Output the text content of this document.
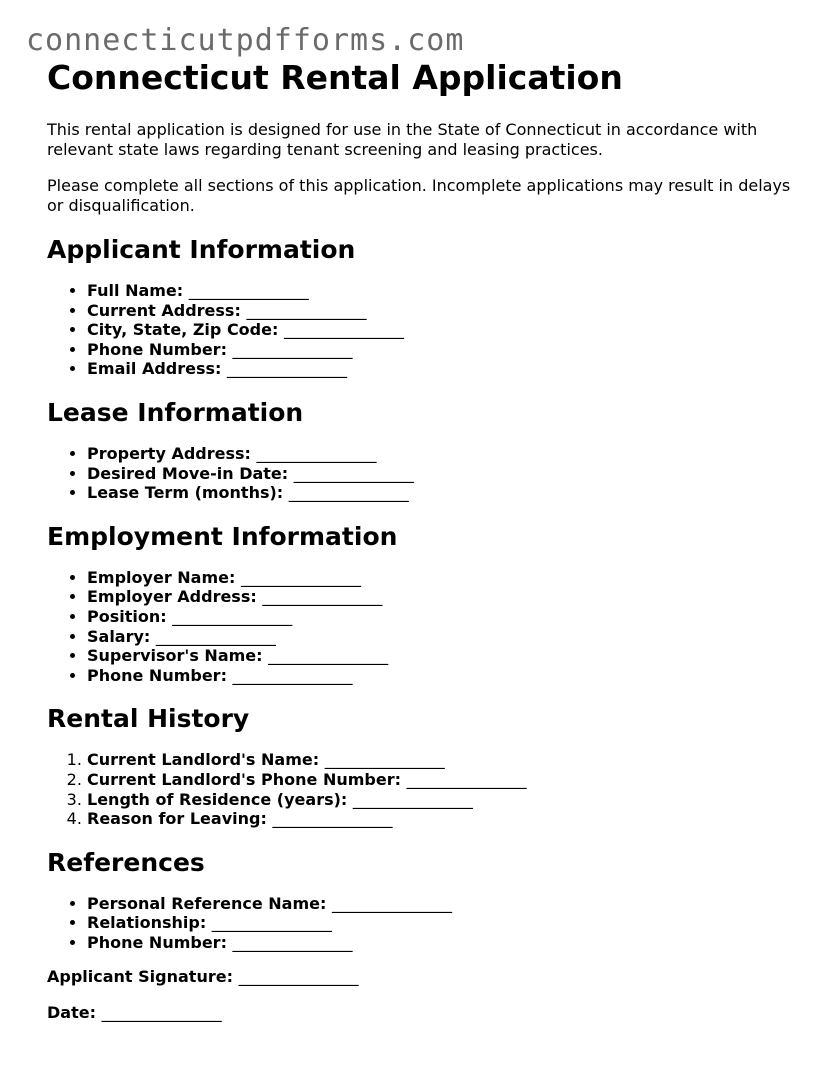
connecticutpdfforms.com
Connecticut Rental Application

This rental application is designed for use in the State of Connecticut in accordance with relevant state laws regarding tenant screening and leasing practices.

Please complete all sections of this application. Incomplete applications may result in delays or disqualification.

Applicant Information
• Full Name: _______________
• Current Address: _______________
• City, State, Zip Code: _______________
• Phone Number: _______________
• Email Address: _______________
Lease Information
• Property Address: _______________
• Desired Move-in Date: _______________
• Lease Term (months): _______________
Employment Information
• Employer Name: _______________
• Employer Address: _______________
• Position: _______________
• Salary: _______________
• Supervisor's Name: _______________
• Phone Number: _______________
Rental History
1. Current Landlord's Name: _______________
2. Current Landlord's Phone Number: _______________
3. Length of Residence (years): _______________
4. Reason for Leaving: _______________
References
• Personal Reference Name: _______________
• Relationship: _______________
• Phone Number: _______________
Applicant Signature: _______________
Date: _______________
